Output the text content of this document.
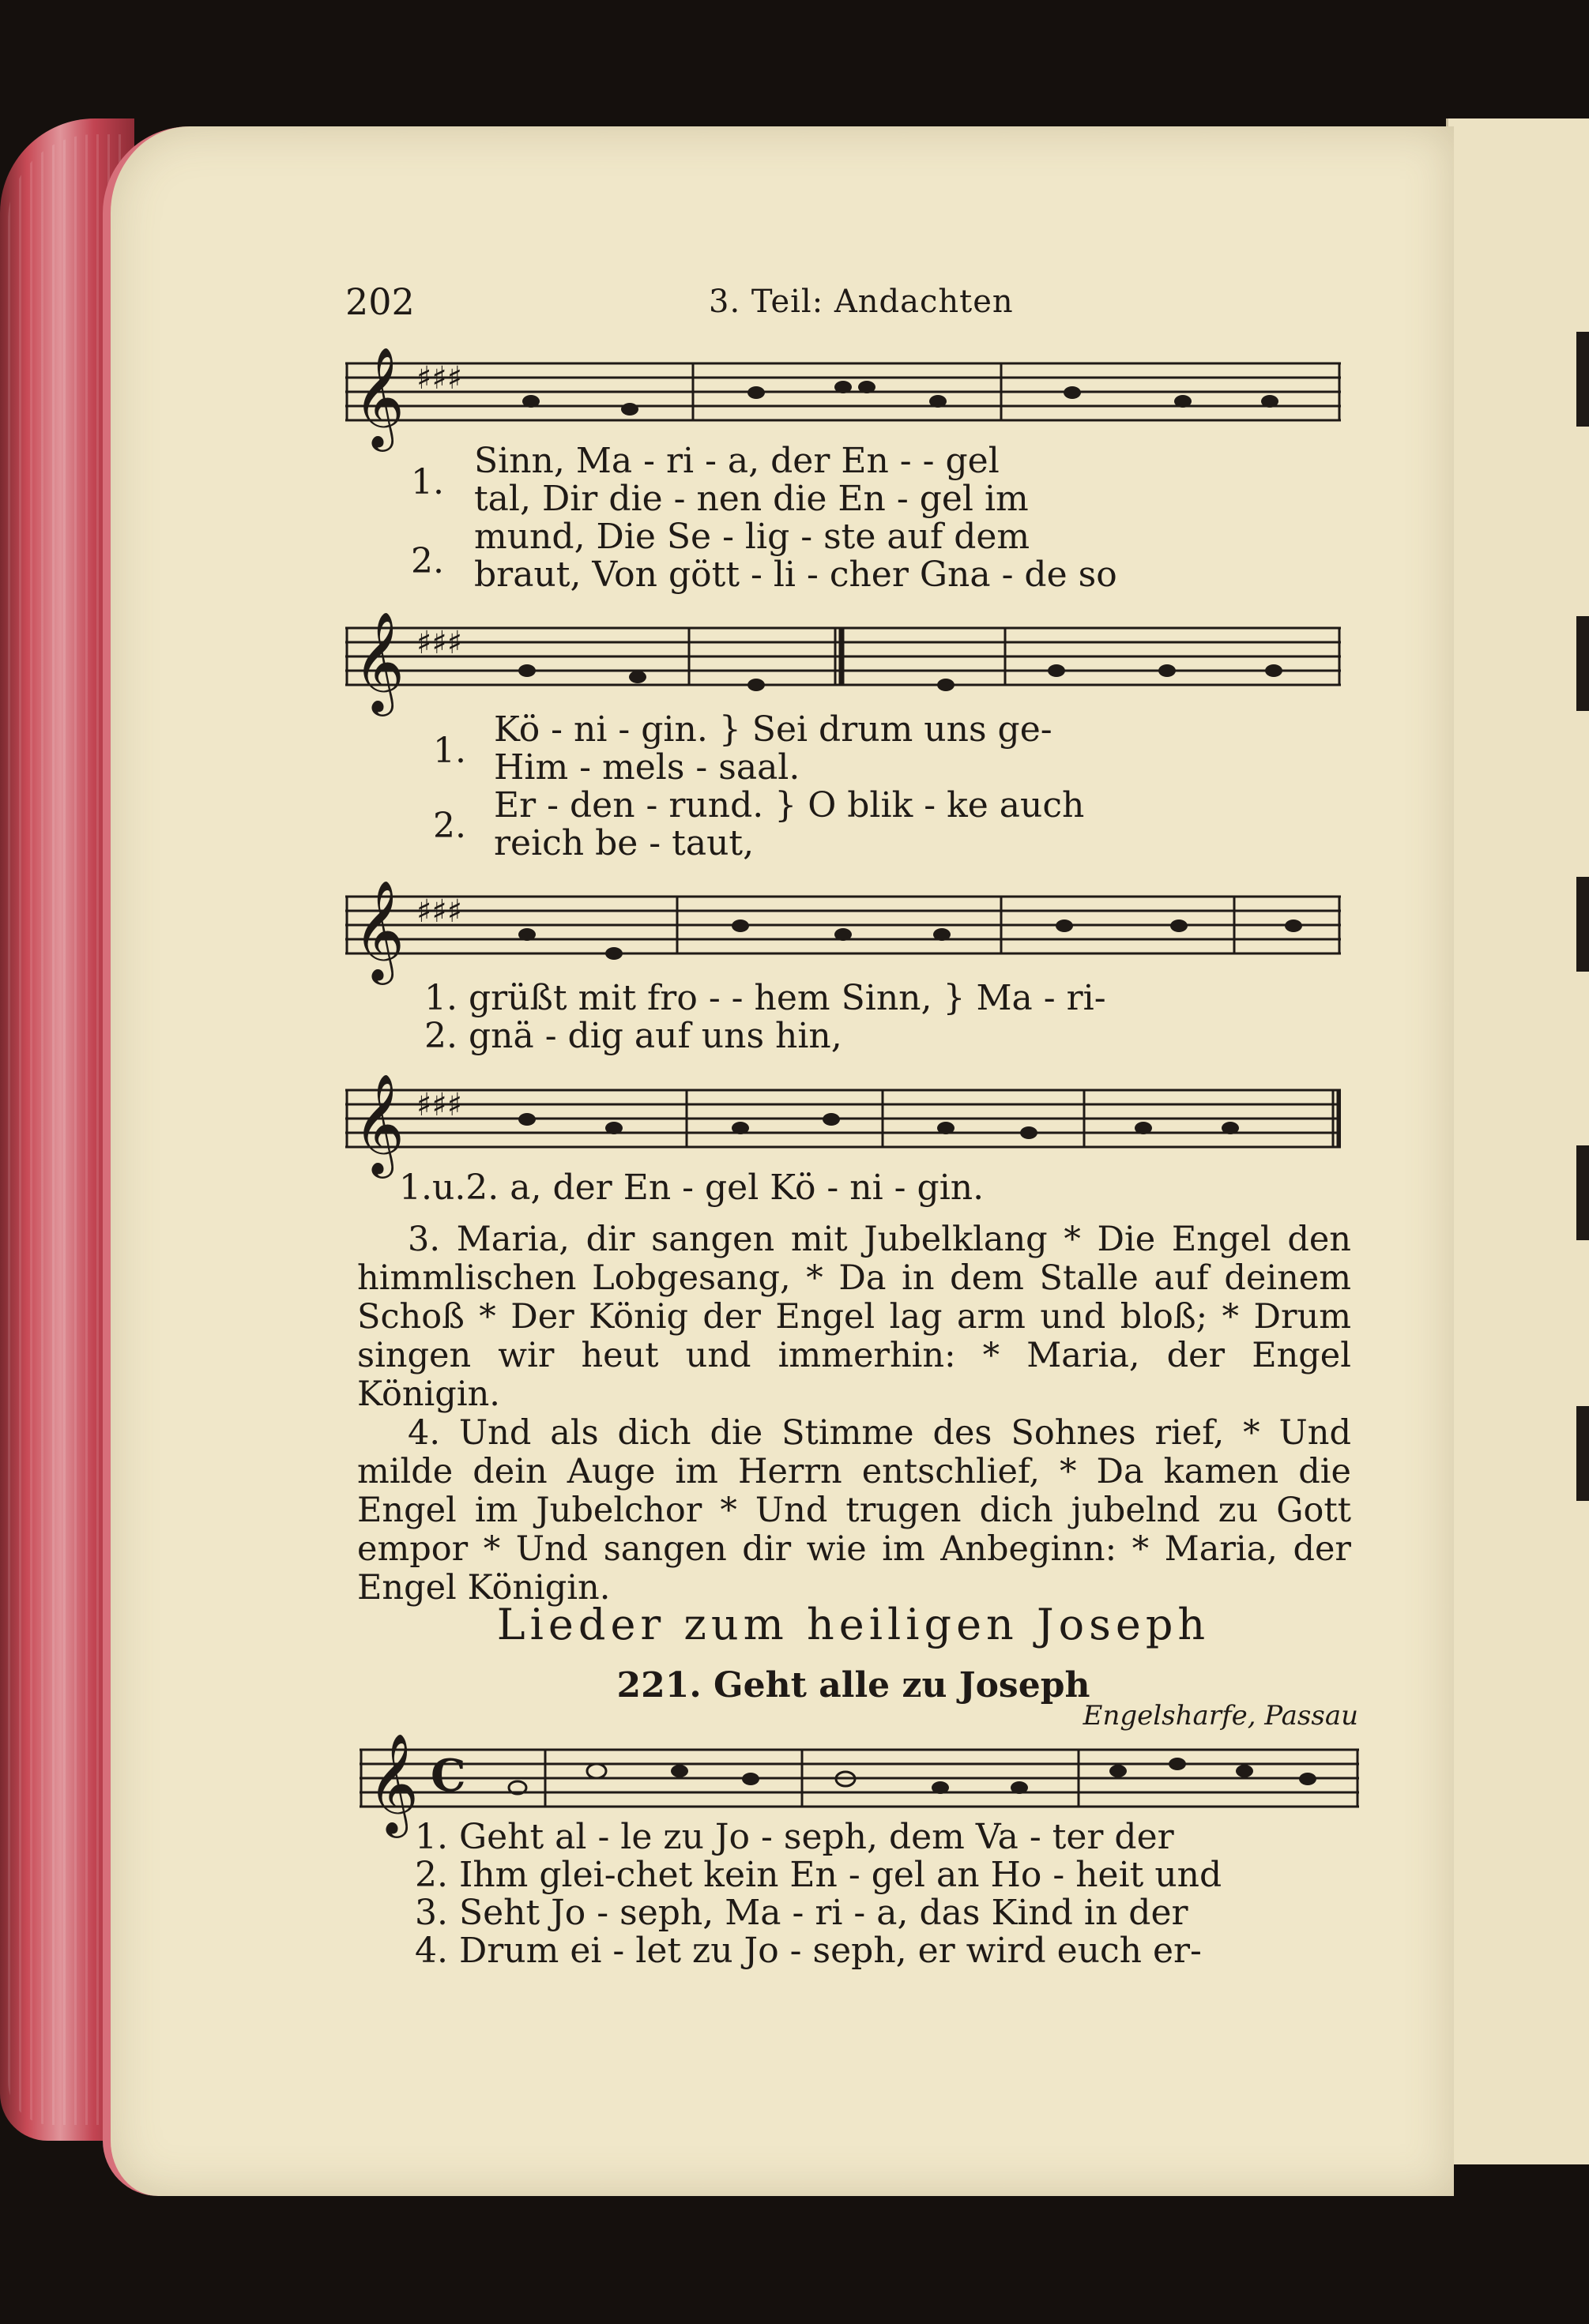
202	3. Teil: Andachten
𝄞 ♯♯♯
1.
2.
Sinn, Ma - ri - a, der En - - gel
tal, Dir die - nen die En - gel im
mund, Die Se - lig - ste auf dem
braut, Von gött - li - cher Gna - de so
𝄞 ♯♯♯
1.
2.
Kö - ni - gin. } Sei drum uns ge-
Him - mels - saal.
Er - den - rund. } O blik - ke auch
reich be - taut,
𝄞 ♯♯♯
1. grüßt mit fro - - hem Sinn, } Ma - ri-
2. gnä - dig auf uns hin,
𝄞 ♯♯♯
1.u.2. a, der En - gel Kö - ni - gin.

3. Maria, dir sangen mit Jubelklang * Die Engel den himmlischen Lobgesang, * Da in dem Stalle auf deinem Schoß * Der König der Engel lag arm und bloß; * Drum singen wir heut und immerhin: * Maria, der Engel Königin.

4. Und als dich die Stimme des Sohnes rief, * Und milde dein Auge im Herrn entschlief, * Da kamen die Engel im Jubelchor * Und trugen dich jubelnd zu Gott empor * Und sangen dir wie im Anbeginn: * Maria, der Engel Königin.

Lieder zum heiligen Joseph
221. Geht alle zu Joseph
Engelsharfe, Passau
𝄞 C
1. Geht al - le zu Jo - seph, dem Va - ter der
2. Ihm glei-chet kein En - gel an Ho - heit und
3. Seht Jo - seph, Ma - ri - a, das Kind in der
4. Drum ei - let zu Jo - seph, er wird euch er-
